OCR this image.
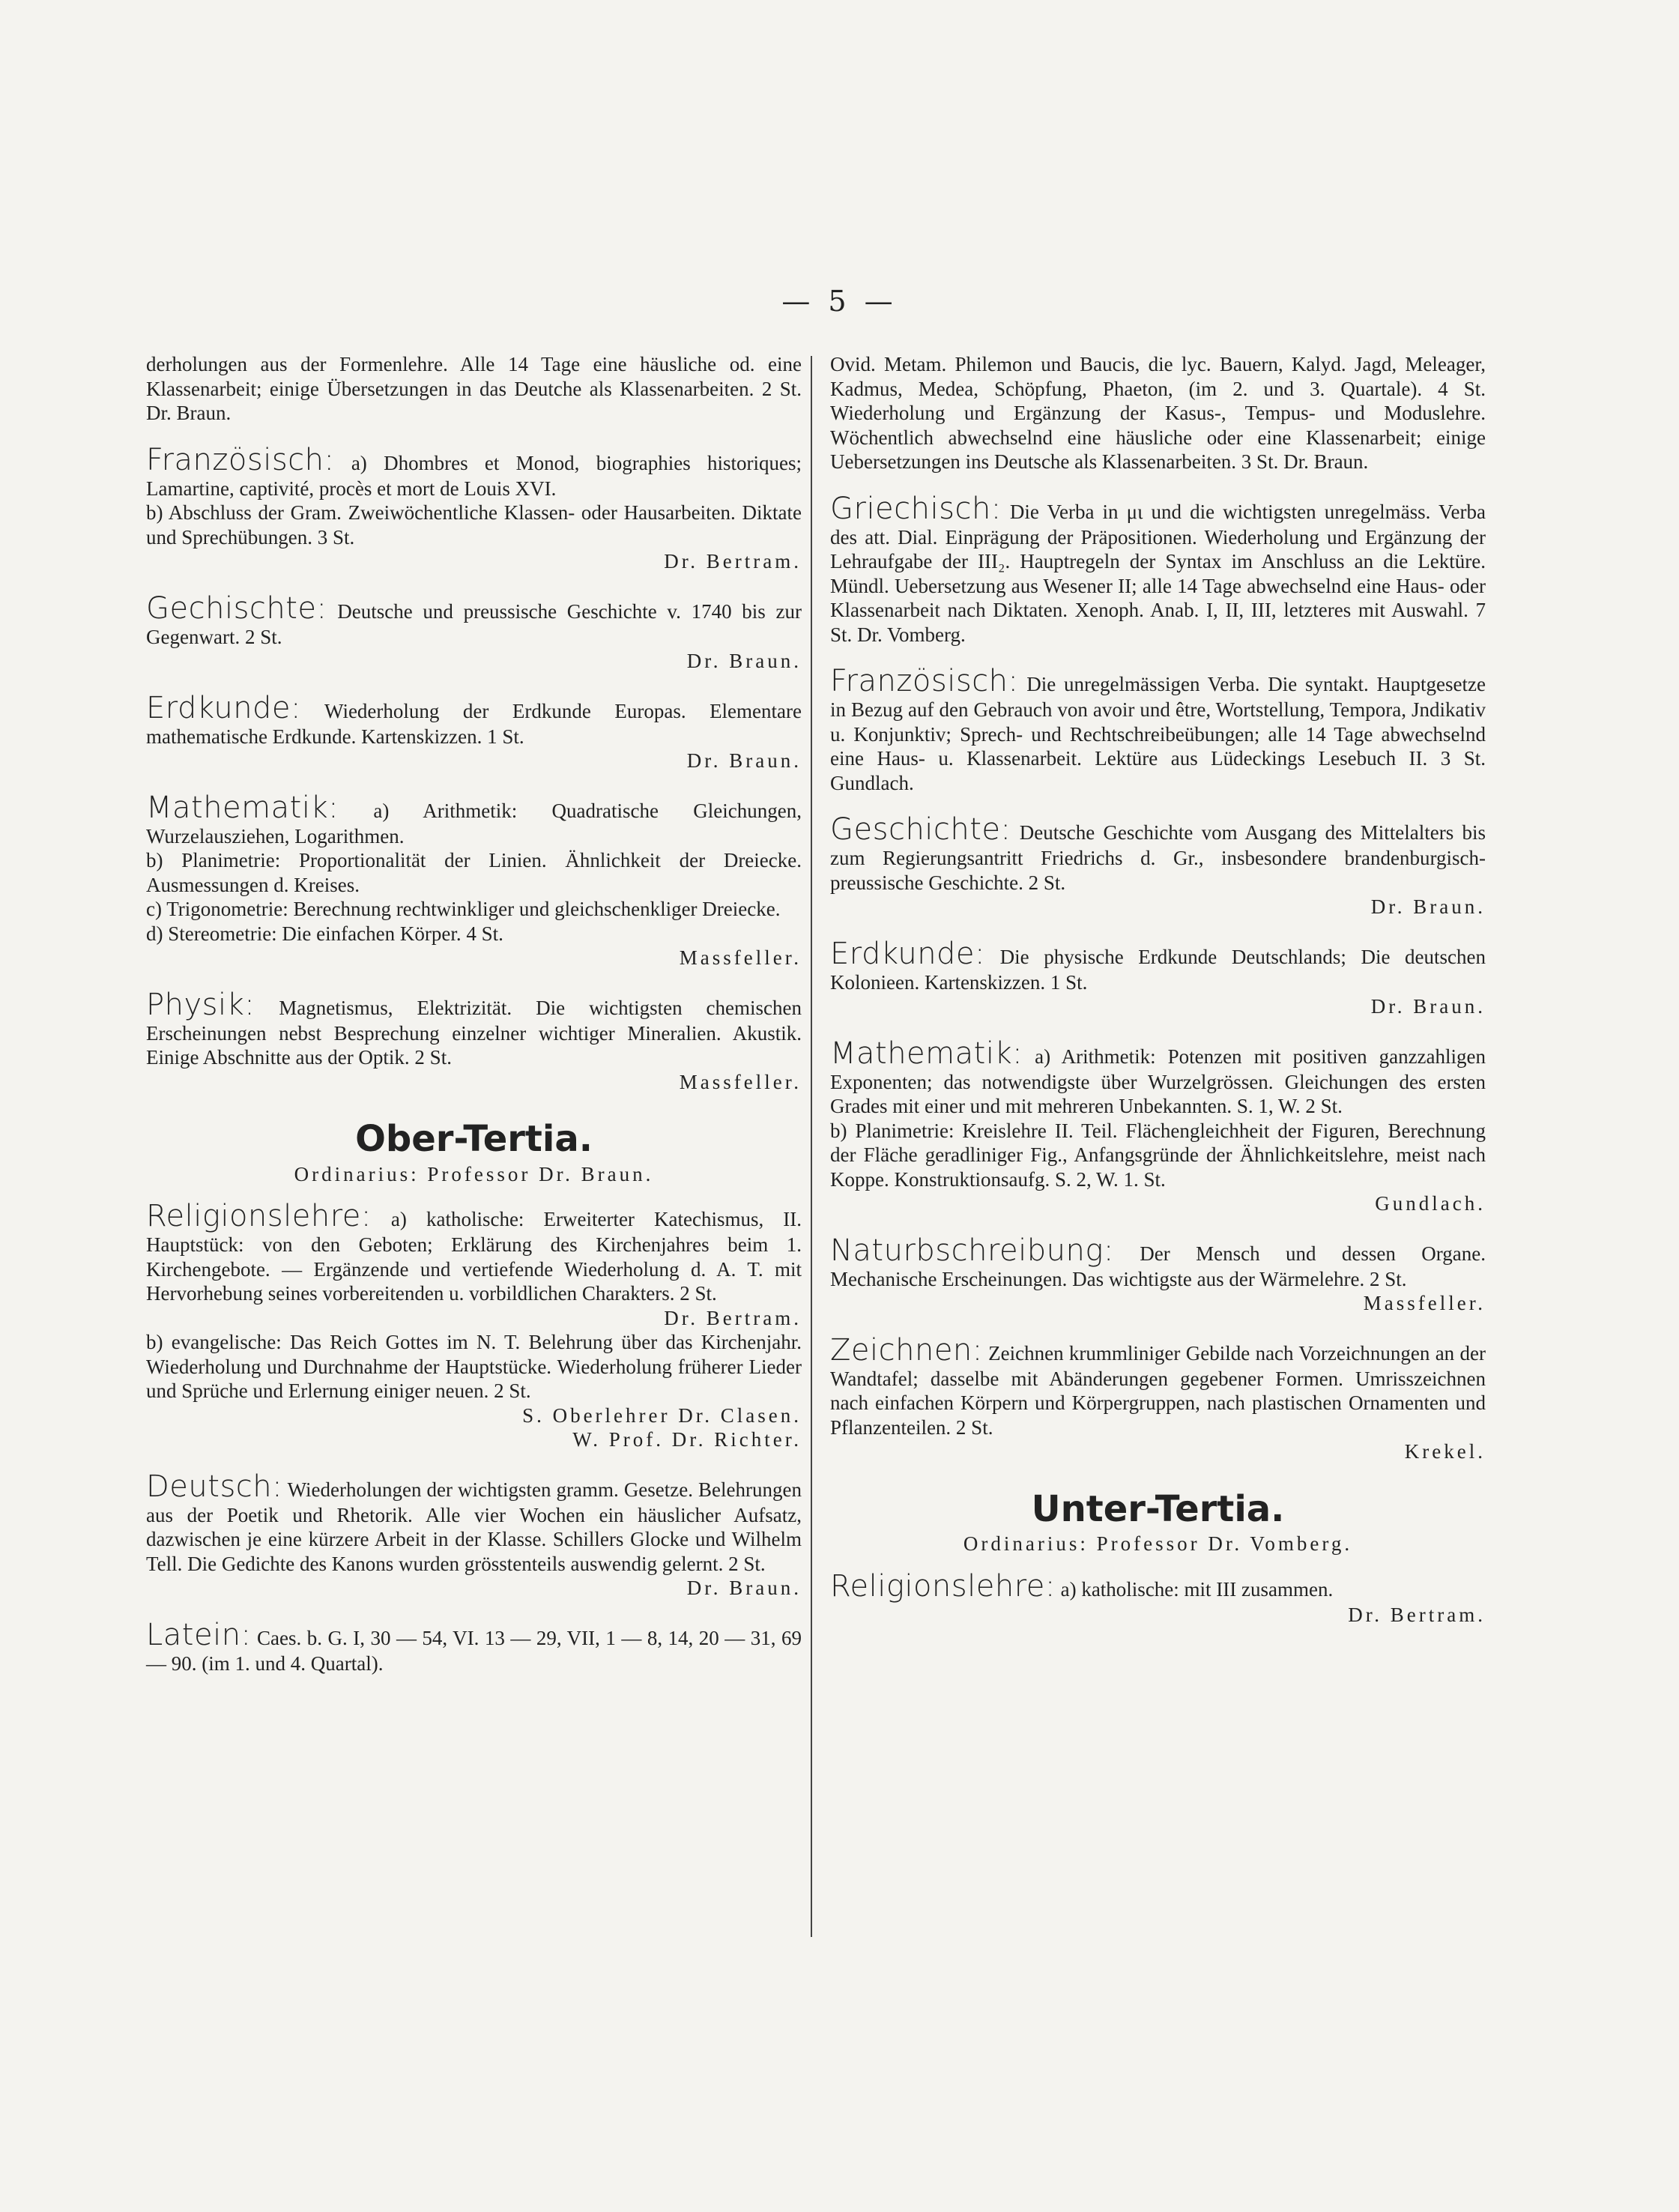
— 5 —

derholungen aus der Formenlehre. Alle 14 Tage eine häusliche od. eine Klassenarbeit; einige Übersetzungen in das Deutche als Klassenarbeiten. 2 St. Dr. Braun.

Französisch: a) Dhombres et Monod, biographies historiques; Lamartine, captivité, procès et mort de Louis XVI.

b) Abschluss der Gram. Zweiwöchentliche Klassen- oder Hausarbeiten. Diktate und Sprechübungen. 3 St.

Dr. Bertram.

Gechischte: Deutsche und preussische Geschichte v. 1740 bis zur Gegenwart. 2 St.

Dr. Braun.

Erdkunde: Wiederholung der Erdkunde Europas. Elementare mathematische Erdkunde. Kartenskizzen. 1 St.

Dr. Braun.

Mathematik: a) Arithmetik: Quadratische Gleichungen, Wurzelausziehen, Logarithmen.

b) Planimetrie: Proportionalität der Linien. Ähnlichkeit der Dreiecke. Ausmessungen d. Kreises.

c) Trigonometrie: Berechnung rechtwinkliger und gleichschenkliger Dreiecke.

d) Stereometrie: Die einfachen Körper. 4 St.

Massfeller.

Physik: Magnetismus, Elektrizität. Die wichtigsten chemischen Erscheinungen nebst Besprechung einzelner wichtiger Mineralien. Akustik. Einige Abschnitte aus der Optik. 2 St.

Massfeller.
Ober-Tertia.
Ordinarius: Professor Dr. Braun.

Religionslehre: a) katholische: Erweiterter Katechismus, II. Hauptstück: von den Geboten; Erklärung des Kirchenjahres beim 1. Kirchengebote. — Ergänzende und vertiefende Wiederholung d. A. T. mit Hervorhebung seines vorbereitenden u. vorbildlichen Charakters. 2 St.

Dr. Bertram.

b) evangelische: Das Reich Gottes im N. T. Belehrung über das Kirchenjahr. Wiederholung und Durchnahme der Hauptstücke. Wiederholung früherer Lieder und Sprüche und Erlernung einiger neuen. 2 St.

S. Oberlehrer Dr. Clasen.
W. Prof. Dr. Richter.

Deutsch: Wiederholungen der wichtigsten gramm. Gesetze. Belehrungen aus der Poetik und Rhetorik. Alle vier Wochen ein häuslicher Aufsatz, dazwischen je eine kürzere Arbeit in der Klasse. Schillers Glocke und Wilhelm Tell. Die Gedichte des Kanons wurden grösstenteils auswendig gelernt. 2 St.

Dr. Braun.

Latein: Caes. b. G. I, 30 — 54, VI. 13 — 29, VII, 1 — 8, 14, 20 — 31, 69 — 90. (im 1. und 4. Quartal).

Ovid. Metam. Philemon und Baucis, die lyc. Bauern, Kalyd. Jagd, Meleager, Kadmus, Medea, Schöpfung, Phaeton, (im 2. und 3. Quartale). 4 St. Wiederholung und Ergänzung der Kasus-, Tempus- und Moduslehre. Wöchentlich abwechselnd eine häusliche oder eine Klassenarbeit; einige Uebersetzungen ins Deutsche als Klassenarbeiten. 3 St. Dr. Braun.

Griechisch: Die Verba in μι und die wichtigsten unregelmäss. Verba des att. Dial. Einprägung der Präpositionen. Wiederholung und Ergänzung der Lehraufgabe der III₂. Hauptregeln der Syntax im Anschluss an die Lektüre. Mündl. Uebersetzung aus Wesener II; alle 14 Tage abwechselnd eine Haus- oder Klassenarbeit nach Diktaten. Xenoph. Anab. I, II, III, letzteres mit Auswahl. 7 St. Dr. Vomberg.

Französisch: Die unregelmässigen Verba. Die syntakt. Hauptgesetze in Bezug auf den Gebrauch von avoir und être, Wortstellung, Tempora, Jndikativ u. Konjunktiv; Sprech- und Rechtschreibeübungen; alle 14 Tage abwechselnd eine Haus- u. Klassenarbeit. Lektüre aus Lüdeckings Lesebuch II. 3 St. Gundlach.

Geschichte: Deutsche Geschichte vom Ausgang des Mittelalters bis zum Regierungsantritt Friedrichs d. Gr., insbesondere brandenburgisch- preussische Geschichte. 2 St.

Dr. Braun.

Erdkunde: Die physische Erdkunde Deutschlands; Die deutschen Kolonieen. Kartenskizzen. 1 St.

Dr. Braun.

Mathematik: a) Arithmetik: Potenzen mit positiven ganzzahligen Exponenten; das notwendigste über Wurzelgrössen. Gleichungen des ersten Grades mit einer und mit mehreren Unbekannten. S. 1, W. 2 St.

b) Planimetrie: Kreislehre II. Teil. Flächengleichheit der Figuren, Berechnung der Fläche geradliniger Fig., Anfangsgründe der Ähnlichkeitslehre, meist nach Koppe. Konstruktionsaufg. S. 2, W. 1. St.

Gundlach.

Naturbschreibung: Der Mensch und dessen Organe. Mechanische Erscheinungen. Das wichtigste aus der Wärmelehre. 2 St.

Massfeller.

Zeichnen: Zeichnen krummliniger Gebilde nach Vorzeichnungen an der Wandtafel; dasselbe mit Abänderungen gegebener Formen. Umrisszeichnen nach einfachen Körpern und Körpergruppen, nach plastischen Ornamenten und Pflanzenteilen. 2 St.

Krekel.
Unter-Tertia.
Ordinarius: Professor Dr. Vomberg.

Religionslehre: a) katholische: mit III zusammen.

Dr. Bertram.
